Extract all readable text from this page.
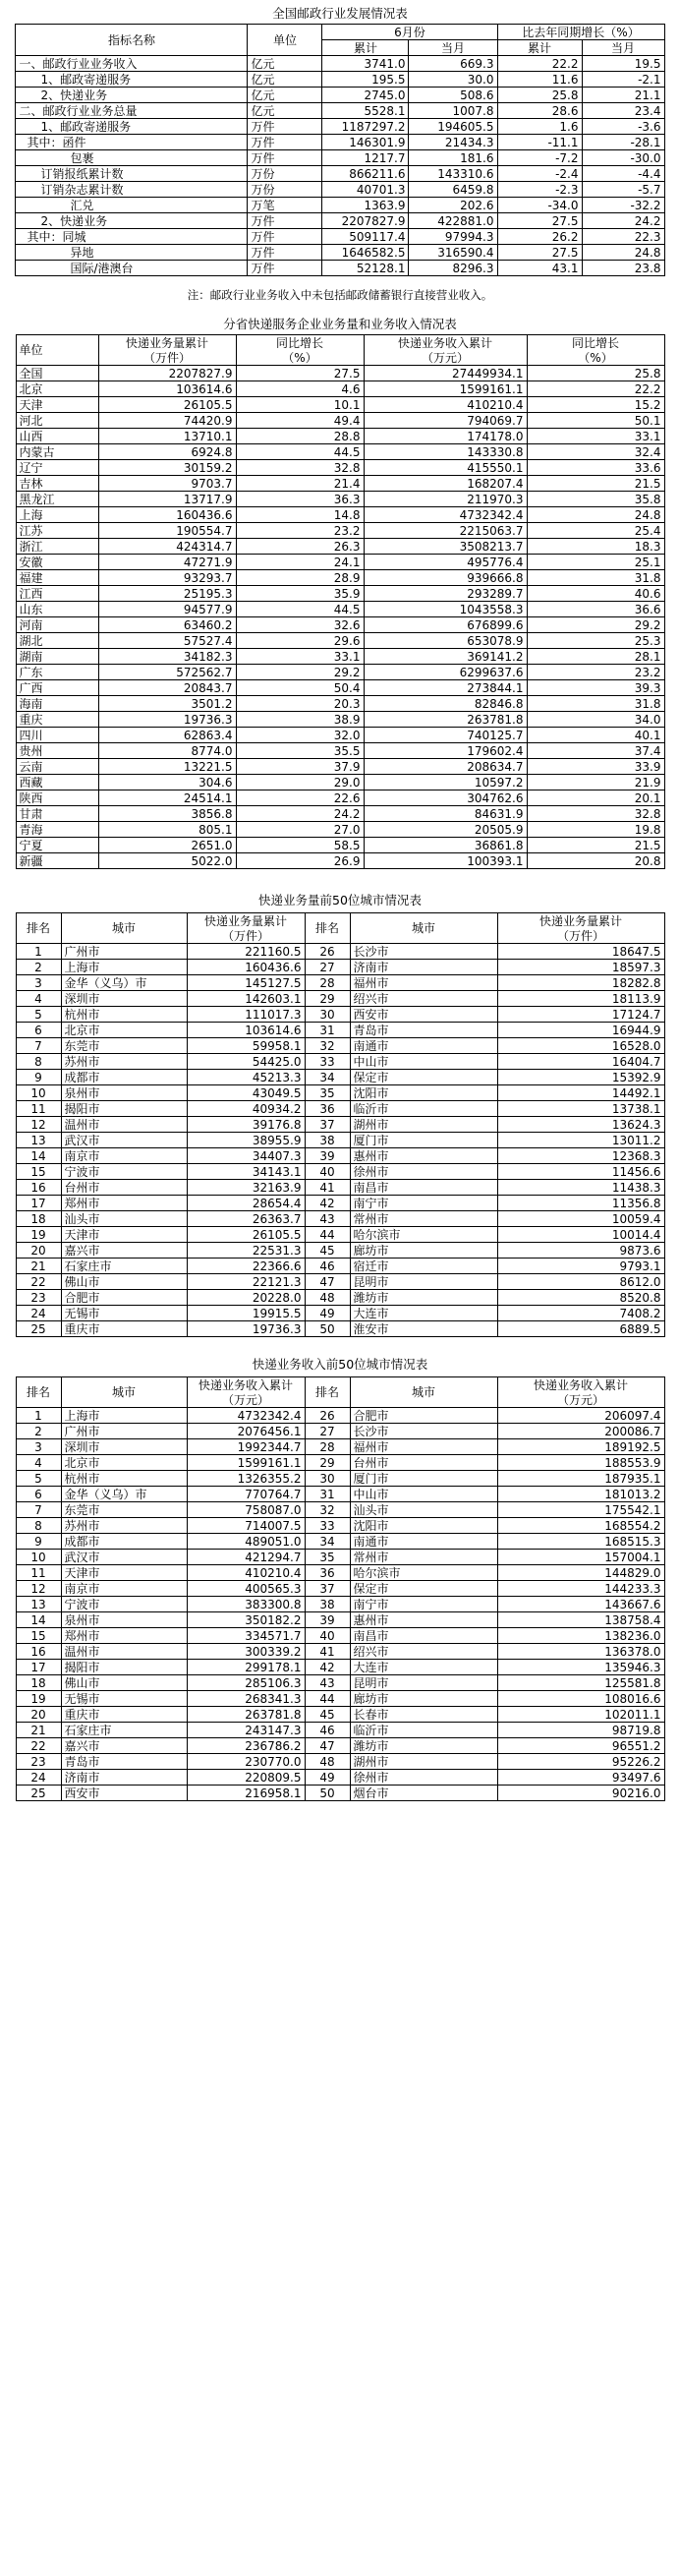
全国邮政行业发展情况表
指标名称	单位	6月份		比去年同期增长（%）	
		累计	当月	累计	当月
一、邮政行业业务收入	亿元	3741.0	669.3	22.2	19.5
1、邮政寄递服务	亿元	195.5	30.0	11.6	-2.1
2、快递业务	亿元	2745.0	508.6	25.8	21.1
二、邮政行业业务总量	亿元	5528.1	1007.8	28.6	23.4
1、邮政寄递服务	万件	1187297.2	194605.5	1.6	-3.6
其中：函件	万件	146301.9	21434.3	-11.1	-28.1
包裹	万件	1217.7	181.6	-7.2	-30.0
订销报纸累计数	万份	866211.6	143310.6	-2.4	-4.4
订销杂志累计数	万份	40701.3	6459.8	-2.3	-5.7
汇兑	万笔	1363.9	202.6	-34.0	-32.2
2、快递业务	万件	2207827.9	422881.0	27.5	24.2
其中：同城	万件	509117.4	97994.3	26.2	22.3
异地	万件	1646582.5	316590.4	27.5	24.8
国际/港澳台	万件	52128.1	8296.3	43.1	23.8
注：邮政行业业务收入中未包括邮政储蓄银行直接营业收入。
分省快递服务企业业务量和业务收入情况表
单位	快递业务量累计	同比增长	快递业务收入累计	同比增长
	（万件）	（%）	（万元）	（%）
全国	2207827.9	27.5	27449934.1	25.8
北京	103614.6	4.6	1599161.1	22.2
天津	26105.5	10.1	410210.4	15.2
河北	74420.9	49.4	794069.7	50.1
山西	13710.1	28.8	174178.0	33.1
内蒙古	6924.8	44.5	143330.8	32.4
辽宁	30159.2	32.8	415550.1	33.6
吉林	9703.7	21.4	168207.4	21.5
黑龙江	13717.9	36.3	211970.3	35.8
上海	160436.6	14.8	4732342.4	24.8
江苏	190554.7	23.2	2215063.7	25.4
浙江	424314.7	26.3	3508213.7	18.3
安徽	47271.9	24.1	495776.4	25.1
福建	93293.7	28.9	939666.8	31.8
江西	25195.3	35.9	293289.7	40.6
山东	94577.9	44.5	1043558.3	36.6
河南	63460.2	32.6	676899.6	29.2
湖北	57527.4	29.6	653078.9	25.3
湖南	34182.3	33.1	369141.2	28.1
广东	572562.7	29.2	6299637.6	23.2
广西	20843.7	50.4	273844.1	39.3
海南	3501.2	20.3	82846.8	31.8
重庆	19736.3	38.9	263781.8	34.0
四川	62863.4	32.0	740125.7	40.1
贵州	8774.0	35.5	179602.4	37.4
云南	13221.5	37.9	208634.7	33.9
西藏	304.6	29.0	10597.2	21.9
陕西	24514.1	22.6	304762.6	20.1
甘肃	3856.8	24.2	84631.9	32.8
青海	805.1	27.0	20505.9	19.8
宁夏	2651.0	58.5	36861.8	21.5
新疆	5022.0	26.9	100393.1	20.8
快递业务量前50位城市情况表
排名	城市	快递业务量累计	排名	城市	快递业务量累计
		（万件）			（万件）
1	广州市	221160.5	26	长沙市	18647.5
2	上海市	160436.6	27	济南市	18597.3
3	金华（义乌）市	145127.5	28	福州市	18282.8
4	深圳市	142603.1	29	绍兴市	18113.9
5	杭州市	111017.3	30	西安市	17124.7
6	北京市	103614.6	31	青岛市	16944.9
7	东莞市	59958.1	32	南通市	16528.0
8	苏州市	54425.0	33	中山市	16404.7
9	成都市	45213.3	34	保定市	15392.9
10	泉州市	43049.5	35	沈阳市	14492.1
11	揭阳市	40934.2	36	临沂市	13738.1
12	温州市	39176.8	37	湖州市	13624.3
13	武汉市	38955.9	38	厦门市	13011.2
14	南京市	34407.3	39	惠州市	12368.3
15	宁波市	34143.1	40	徐州市	11456.6
16	台州市	32163.9	41	南昌市	11438.3
17	郑州市	28654.4	42	南宁市	11356.8
18	汕头市	26363.7	43	常州市	10059.4
19	天津市	26105.5	44	哈尔滨市	10014.4
20	嘉兴市	22531.3	45	廊坊市	9873.6
21	石家庄市	22366.6	46	宿迁市	9793.1
22	佛山市	22121.3	47	昆明市	8612.0
23	合肥市	20228.0	48	潍坊市	8520.8
24	无锡市	19915.5	49	大连市	7408.2
25	重庆市	19736.3	50	淮安市	6889.5
快递业务收入前50位城市情况表
排名	城市	快递业务收入累计	排名	城市	快递业务收入累计
		（万元）			（万元）
1	上海市	4732342.4	26	合肥市	206097.4
2	广州市	2076456.1	27	长沙市	200086.7
3	深圳市	1992344.7	28	福州市	189192.5
4	北京市	1599161.1	29	台州市	188553.9
5	杭州市	1326355.2	30	厦门市	187935.1
6	金华（义乌）市	770764.7	31	中山市	181013.2
7	东莞市	758087.0	32	汕头市	175542.1
8	苏州市	714007.5	33	沈阳市	168554.2
9	成都市	489051.0	34	南通市	168515.3
10	武汉市	421294.7	35	常州市	157004.1
11	天津市	410210.4	36	哈尔滨市	144829.0
12	南京市	400565.3	37	保定市	144233.3
13	宁波市	383300.8	38	南宁市	143667.6
14	泉州市	350182.2	39	惠州市	138758.4
15	郑州市	334571.7	40	南昌市	138236.0
16	温州市	300339.2	41	绍兴市	136378.0
17	揭阳市	299178.1	42	大连市	135946.3
18	佛山市	285106.3	43	昆明市	125581.8
19	无锡市	268341.3	44	廊坊市	108016.6
20	重庆市	263781.8	45	长春市	102011.1
21	石家庄市	243147.3	46	临沂市	98719.8
22	嘉兴市	236786.2	47	潍坊市	96551.2
23	青岛市	230770.0	48	湖州市	95226.2
24	济南市	220809.5	49	徐州市	93497.6
25	西安市	216958.1	50	烟台市	90216.0
